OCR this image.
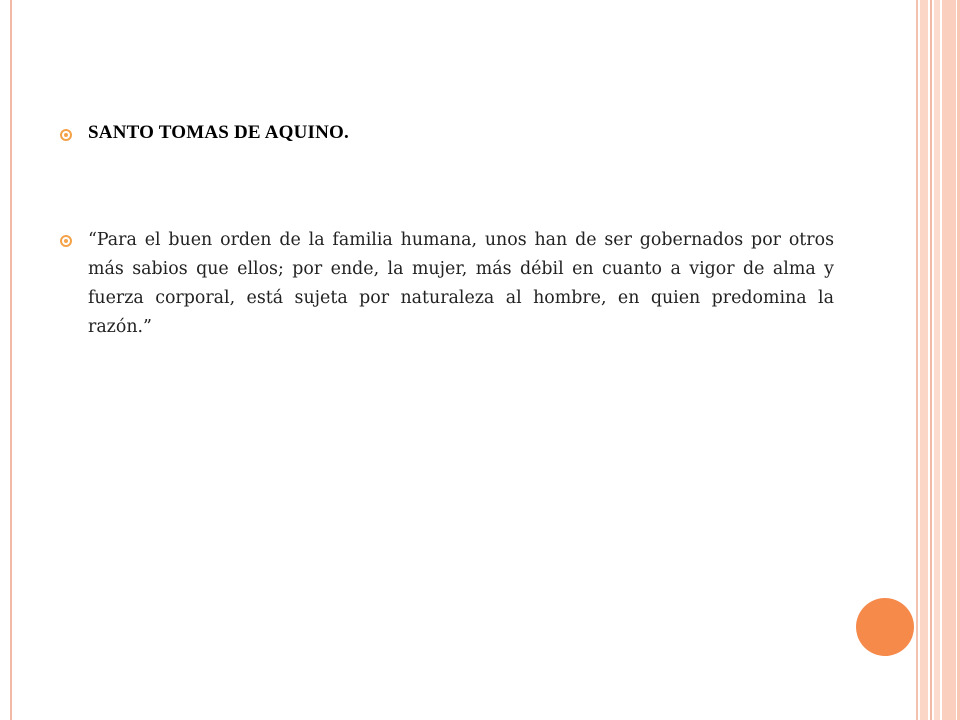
SANTO TOMAS DE AQUINO.

“Para el buen orden de la familia humana, unos han de ser gobernados por otros más sabios que ellos; por ende, la mujer, más débil en cuanto a vigor de alma y fuerza corporal, está sujeta por naturaleza al hombre, en quien predomina la razón.”
